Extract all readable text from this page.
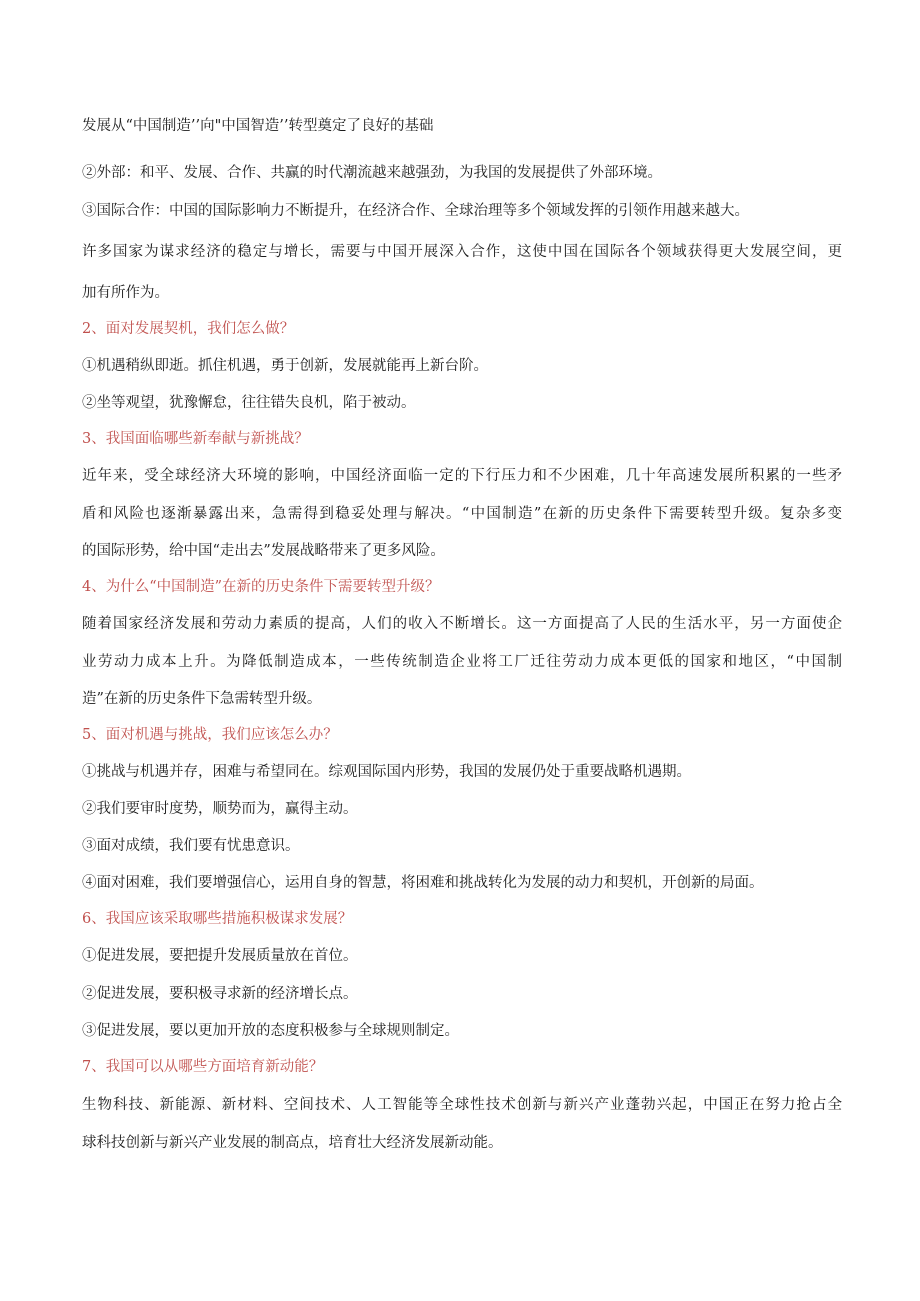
发展从“中国制造’’向"中国智造’’转型奠定了良好的基础
②外部：和平、发展、合作、共赢的时代潮流越来越强劲，为我国的发展提供了外部环境。
③国际合作：中国的国际影响力不断提升，在经济合作、全球治理等多个领域发挥的引领作用越来越大。
许多国家为谋求经济的稳定与增长，需要与中国开展深入合作，这使中国在国际各个领域获得更大发展空间，更
加有所作为。
2、面对发展契机，我们怎么做？
①机遇稍纵即逝。抓住机遇，勇于创新，发展就能再上新台阶。
②坐等观望，犹豫懈怠，往往错失良机，陷于被动。
3、我国面临哪些新奉献与新挑战？
近年来，受全球经济大环境的影响，中国经济面临一定的下行压力和不少困难，几十年高速发展所积累的一些矛
盾和风险也逐渐暴露出来，急需得到稳妥处理与解决。“中国制造”在新的历史条件下需要转型升级。复杂多变
的国际形势，给中国“走出去”发展战略带来了更多风险。
4、为什么“中国制造”在新的历史条件下需要转型升级？
随着国家经济发展和劳动力素质的提高，人们的收入不断增长。这一方面提高了人民的生活水平，另一方面使企
业劳动力成本上升。为降低制造成本，一些传统制造企业将工厂迁往劳动力成本更低的国家和地区，“中国制
造”在新的历史条件下急需转型升级。
5、面对机遇与挑战，我们应该怎么办？
①挑战与机遇并存，困难与希望同在。综观国际国内形势，我国的发展仍处于重要战略机遇期。
②我们要审时度势，顺势而为，赢得主动。
③面对成绩，我们要有忧患意识。
④面对困难，我们要增强信心，运用自身的智慧，将困难和挑战转化为发展的动力和契机，开创新的局面。
6、我国应该采取哪些措施积极谋求发展？
①促进发展，要把提升发展质量放在首位。
②促进发展，要积极寻求新的经济增长点。
③促进发展，要以更加开放的态度积极参与全球规则制定。
7、我国可以从哪些方面培育新动能？
生物科技、新能源、新材料、空间技术、人工智能等全球性技术创新与新兴产业蓬勃兴起，中国正在努力抢占全
球科技创新与新兴产业发展的制高点，培育壮大经济发展新动能。
